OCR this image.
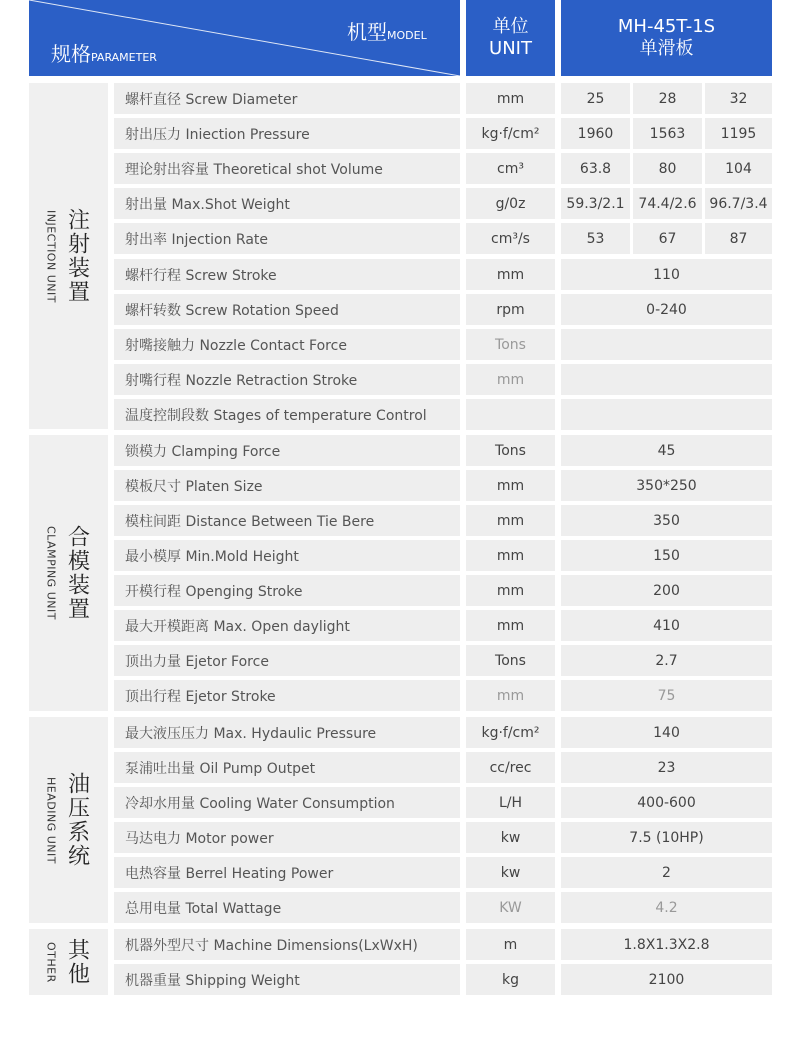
机型MODEL
规格PARAMETER
单位
UNIT
MH-45T-1S
单滑板
INJECTION UNIT 注射装置
CLAMPING UNIT 合模装置
HEADING UNIT 油压系统
OTHER 其他
螺杆直径 Screw Diameter	mm	25	28	32
射出压力 Iniection Pressure	kg·f/cm²	1960	1563	1195
理论射出容量 Theoretical shot Volume	cm³	63.8	80	104
射出量 Max.Shot Weight	g/0z	59.3/2.1 74.4/2.6 96.7/3.4
射出率 Injection Rate	cm³/s	53	67	87
螺杆行程 Screw Stroke	mm	110
螺杆转数 Screw Rotation Speed	rpm	0-240
射嘴接触力 Nozzle Contact Force	Tons
射嘴行程 Nozzle Retraction Stroke	mm
温度控制段数 Stages of temperature Control
锁模力 Clamping Force	Tons	45
模板尺寸 Platen Size	mm	350*250
模柱间距 Distance Between Tie Bere	mm	350
最小模厚 Min.Mold Height	mm	150
开模行程 Openging Stroke	mm	200
最大开模距离 Max. Open daylight	mm	410
顶出力量 Ejetor Force	Tons	2.7
顶出行程 Ejetor Stroke	mm	75
最大液压压力 Max. Hydaulic Pressure	kg·f/cm²	140
泵浦吐出量 Oil Pump Outpet	cc/rec	23
冷却水用量 Cooling Water Consumption	L/H	400-600
马达电力 Motor power	kw	7.5 (10HP)
电热容量 Berrel Heating Power	kw	2
总用电量 Total Wattage	KW	4.2
机器外型尺寸 Machine Dimensions(LxWxH)	m	1.8X1.3X2.8
机器重量 Shipping Weight	kg	2100
